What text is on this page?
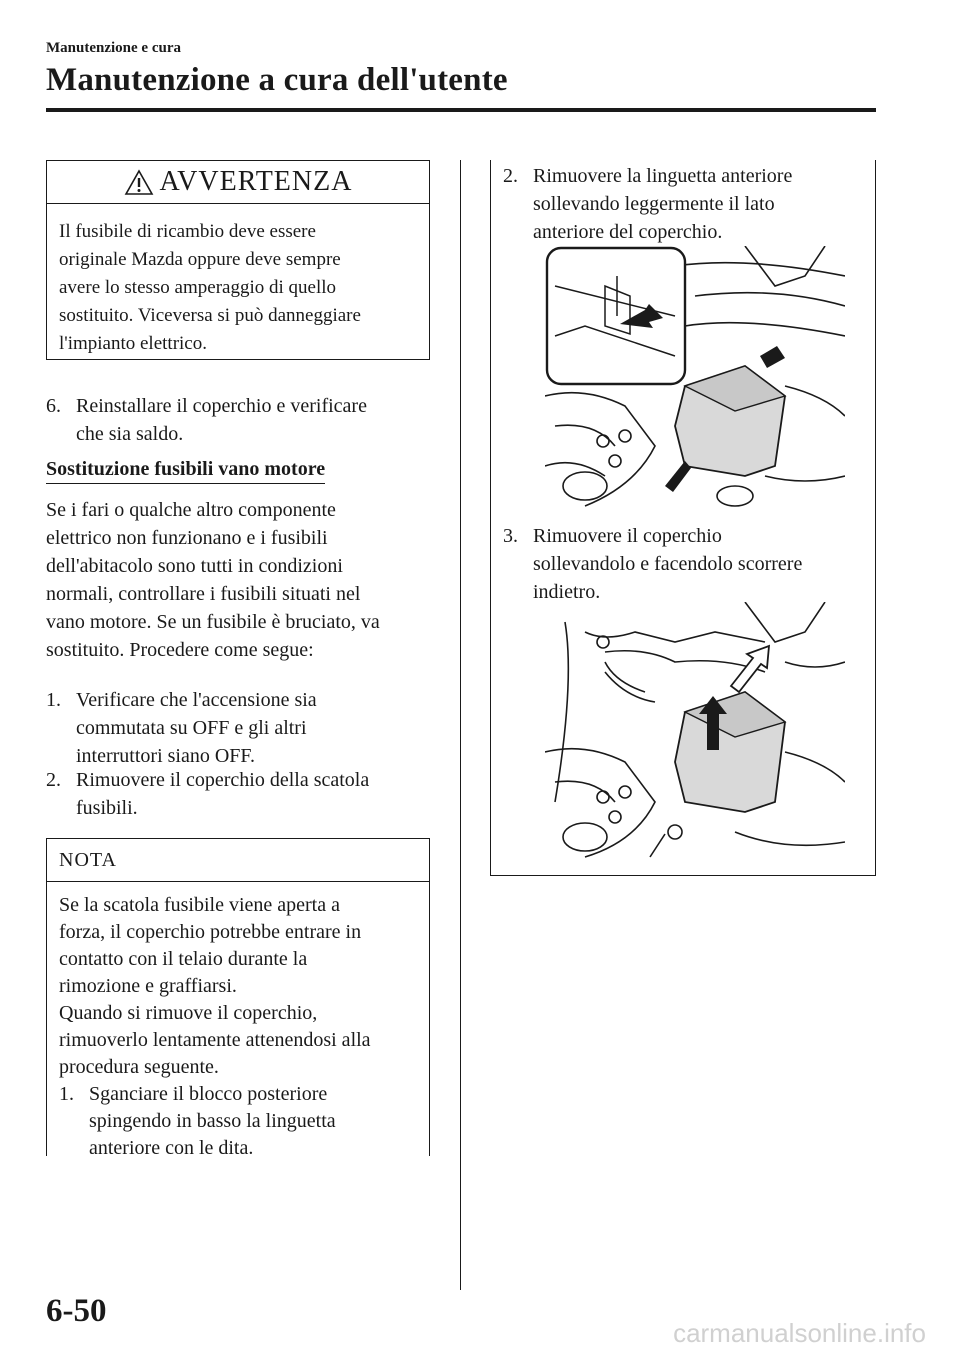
Manutenzione e cura
Manutenzione a cura dell'utente
AVVERTENZA
Il fusibile di ricambio deve essere
originale Mazda oppure deve sempre
avere lo stesso amperaggio di quello
sostituito. Viceversa si può danneggiare
l'impianto elettrico.
6. Reinstallare il coperchio e verificare
che sia saldo.
Sostituzione fusibili vano motore
Se i fari o qualche altro componente
elettrico non funzionano e i fusibili
dell'abitacolo sono tutti in condizioni
normali, controllare i fusibili situati nel
vano motore. Se un fusibile è bruciato, va
sostituito. Procedere come segue:
1. Verificare che l'accensione sia
commutata su OFF e gli altri
interruttori siano OFF.
2. Rimuovere il coperchio della scatola
fusibili.
NOTA
Se la scatola fusibile viene aperta a
forza, il coperchio potrebbe entrare in
contatto con il telaio durante la
rimozione e graffiarsi.
Quando si rimuove il coperchio,
rimuoverlo lentamente attenendosi alla
procedura seguente.
1. Sganciare il blocco posteriore
spingendo in basso la linguetta
anteriore con le dita.
2. Rimuovere la linguetta anteriore
sollevando leggermente il lato
anteriore del coperchio.
3. Rimuovere il coperchio
sollevandolo e facendolo scorrere
indietro.
6-50
carmanualsonline.info
